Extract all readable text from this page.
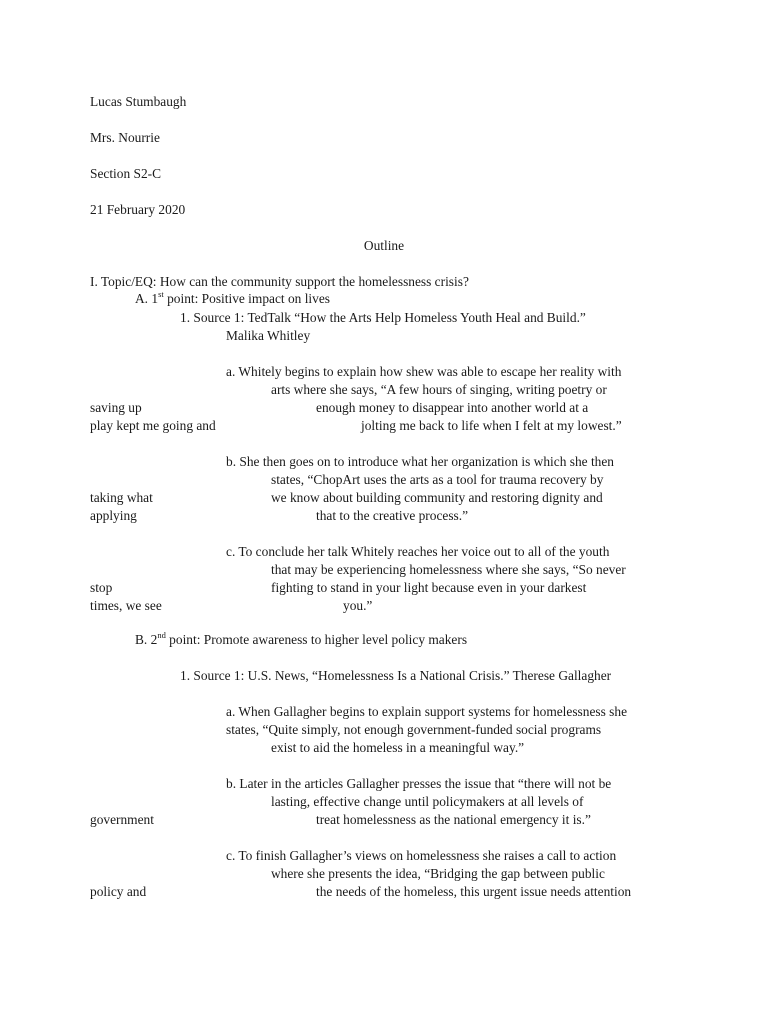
Lucas Stumbaugh
Mrs. Nourrie
Section S2-C
21 February 2020
Outline
I. Topic/EQ: How can the community support the homelessness crisis?
A. 1st point: Positive impact on lives
1. Source 1: TedTalk “How the Arts Help Homeless Youth Heal and Build.”
Malika Whitley
a. Whitely begins to explain how shew was able to escape her reality with
arts where she says, “A few hours of singing, writing poetry or
saving up	enough money to disappear into another world at a
play kept me going and	jolting me back to life when I felt at my lowest.”
b. She then goes on to introduce what her organization is which she then
states, “ChopArt uses the arts as a tool for trauma recovery by
taking what	we know about building community and restoring dignity and
applying	that to the creative process.”
c. To conclude her talk Whitely reaches her voice out to all of the youth
that may be experiencing homelessness where she says, “So never
stop	fighting to stand in your light because even in your darkest
times, we see	you.”
B. 2nd point: Promote awareness to higher level policy makers
1. Source 1: U.S. News, “Homelessness Is a National Crisis.” Therese Gallagher
a. When Gallagher begins to explain support systems for homelessness she
states, “Quite simply, not enough government-funded social programs
exist to aid the homeless in a meaningful way.”
b. Later in the articles Gallagher presses the issue that “there will not be
lasting, effective change until policymakers at all levels of
government	treat homelessness as the national emergency it is.”
c. To finish Gallagher’s views on homelessness she raises a call to action
where she presents the idea, “Bridging the gap between public
policy and	the needs of the homeless, this urgent issue needs attention
